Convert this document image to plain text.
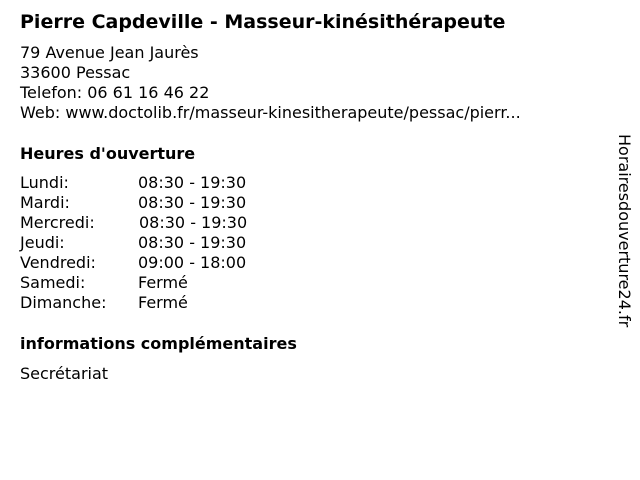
Pierre Capdeville - Masseur-kinésithérapeute
79 Avenue Jean Jaurès
33600 Pessac
Telefon: 06 61 16 46 22
Web: www.doctolib.fr/masseur-kinesitherapeute/pessac/pierr...
Heures d'ouverture
Lundi:	08:30 - 19:30
Mardi:	08:30 - 19:30
Mercredi:	08:30 - 19:30
Jeudi:	08:30 - 19:30
Vendredi:	09:00 - 18:00
Samedi:	Fermé
Dimanche: Fermé
informations complémentaires
Secrétariat
Horairesdouverture24.fr
